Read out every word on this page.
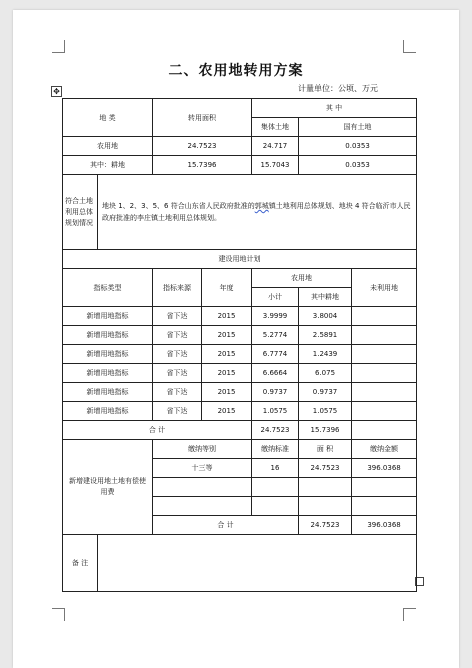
二、农用地转用方案
计量单位：公顷、万元
✥
地 类		转用面积		其 中		
				集体土地	国有土地	
农用地		24.7523		24.717	0.0353	
其中：耕地		15.7396		15.7043	0.0353	
符合土地利用总体规划情况	地块 1、2、3、5、6 符合山东省人民政府批准的郭城镇土地利用总体规划、地块 4 符合临沂市人民政府批准的李庄镇土地利用总体规划。					
建设用地计划						
指标类型		指标来源	年度	农用地		未利用地
				小计	其中耕地	
新增用地指标		省下达	2015	3.9999	3.8004	
新增用地指标		省下达	2015	5.2774	2.5891	
新增用地指标		省下达	2015	6.7774	1.2439	
新增用地指标		省下达	2015	6.6664	6.075	
新增用地指标		省下达	2015	0.9737	0.9737	
新增用地指标		省下达	2015	1.0575	1.0575	
合 计				24.7523	15.7396	
新增建设用地土地有偿使用费		缴纳等别		缴纳标准	面 积	缴纳金额
		十三等		16	24.7523	396.0368

		合 计			24.7523	396.0368
备 注						
